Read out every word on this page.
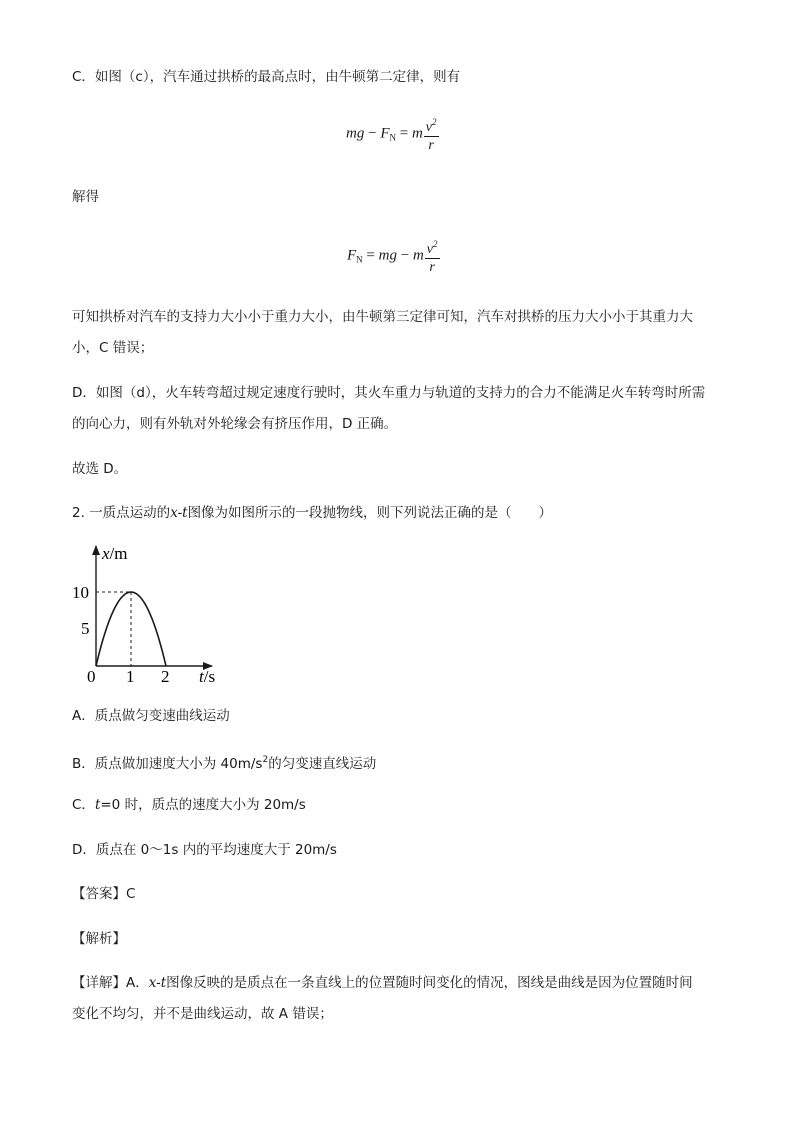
C．如图（c），汽车通过拱桥的最高点时，由牛顿第二定律，则有
mg − $F_N = m \frac{v^2}{r}$
解得
$F_N$ = mg − m $\frac{v^2}{r}$
可知拱桥对汽车的支持力大小小于重力大小，由牛顿第三定律可知，汽车对拱桥的压力大小小于其重力大
小，C 错误；
D．如图（d），火车转弯超过规定速度行驶时，其火车重力与轨道的支持力的合力不能满足火车转弯时所需
的向心力，则有外轨对外轮缘会有挤压作用，D 正确。
故选 D。
2. 一质点运动的x-t图像为如图所示的一段抛物线，则下列说法正确的是（　　）
x/m
t/s
10
5
0 1 2
A．质点做匀变速曲线运动
B．质点做加速度大小为 $40m/s^2$的匀变速直线运动
C．t=0 时，质点的速度大小为 20m/s
D．质点在 0～1s 内的平均速度大于 20m/s
【答案】C
【解析】
【详解】A．x-t图像反映的是质点在一条直线上的位置随时间变化的情况，图线是曲线是因为位置随时间
变化不均匀，并不是曲线运动，故 A 错误；
